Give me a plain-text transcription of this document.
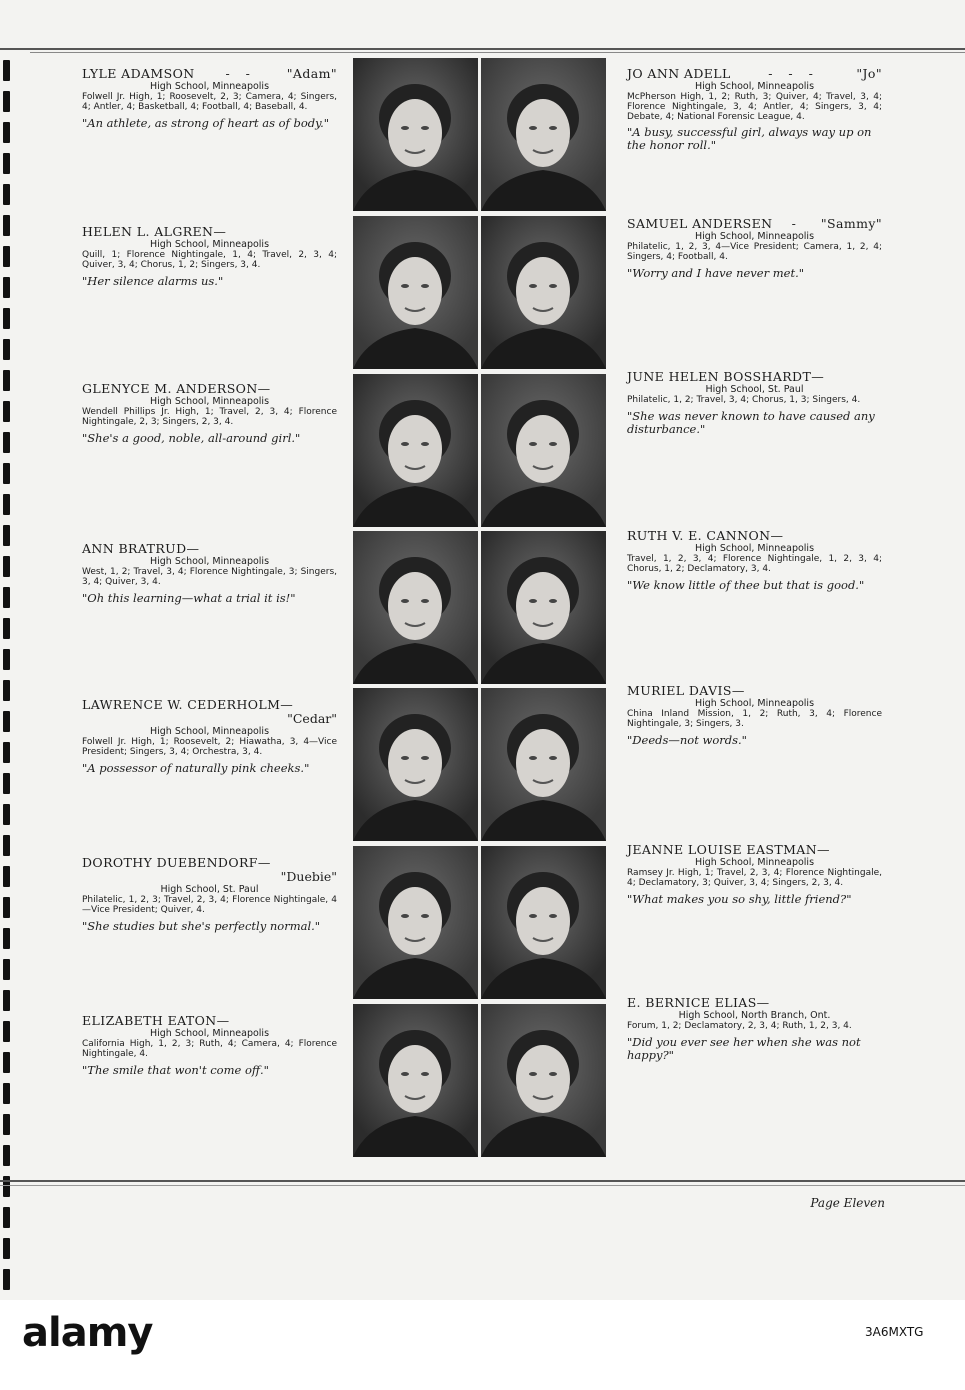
LYLE ADAMSON - - "Adam"
High School, Minneapolis
Folwell Jr. High, 1; Roosevelt, 2, 3; Camera, 4; Singers, 4; Antler, 4; Basketball, 4; Football, 4; Baseball, 4.
"An athlete, as strong of heart as of body."
HELEN L. ALGREN—
High School, Minneapolis
Quill, 1; Florence Nightingale, 1, 4; Travel, 2, 3, 4; Quiver, 3, 4; Chorus, 1, 2; Singers, 3, 4.
"Her silence alarms us."
GLENYCE M. ANDERSON—
High School, Minneapolis
Wendell Phillips Jr. High, 1; Travel, 2, 3, 4; Florence Nightingale, 2, 3; Singers, 2, 3, 4.
"She's a good, noble, all-around girl."
ANN BRATRUD—
High School, Minneapolis
West, 1, 2; Travel, 3, 4; Florence Nightingale, 3; Singers, 3, 4; Quiver, 3, 4.
"Oh this learning—what a trial it is!"
LAWRENCE W. CEDERHOLM—
"Cedar"
High School, Minneapolis
Folwell Jr. High, 1; Roosevelt, 2; Hiawatha, 3, 4—Vice President; Singers, 3, 4; Orchestra, 3, 4.
"A possessor of naturally pink cheeks."
DOROTHY DUEBENDORF—
"Duebie"
High School, St. Paul
Philatelic, 1, 2, 3; Travel, 2, 3, 4; Florence Nightingale, 4—Vice President; Quiver, 4.
"She studies but she's perfectly normal."
ELIZABETH EATON—
High School, Minneapolis
California High, 1, 2, 3; Ruth, 4; Camera, 4; Florence Nightingale, 4.
"The smile that won't come off."
JO ANN ADELL	- - -	"Jo"
High School, Minneapolis
McPherson High, 1, 2; Ruth, 3; Quiver, 4; Travel, 3, 4; Florence Nightingale, 3, 4; Antler, 4; Singers, 3, 4; Debate, 4; National Forensic League, 4.
"A busy, successful girl, always way up on the honor roll."
SAMUEL ANDERSEN - "Sammy"
High School, Minneapolis
Philatelic, 1, 2, 3, 4—Vice President; Camera, 1, 2, 4; Singers, 4; Football, 4.
"Worry and I have never met."
JUNE HELEN BOSSHARDT—
High School, St. Paul
Philatelic, 1, 2; Travel, 3, 4; Chorus, 1, 3; Singers, 4.
"She was never known to have caused any disturbance."
RUTH V. E. CANNON—
High School, Minneapolis
Travel, 1, 2, 3, 4; Florence Nightingale, 1, 2, 3, 4; Chorus, 1, 2; Declamatory, 3, 4.
"We know little of thee but that is good."
MURIEL DAVIS—
High School, Minneapolis
China Inland Mission, 1, 2; Ruth, 3, 4; Florence Nightingale, 3; Singers, 3.
"Deeds—not words."
JEANNE LOUISE EASTMAN—
High School, Minneapolis
Ramsey Jr. High, 1; Travel, 2, 3, 4; Florence Nightingale, 4; Declamatory, 3; Quiver, 3, 4; Singers, 2, 3, 4.
"What makes you so shy, little friend?"
E. BERNICE ELIAS—
High School, North Branch, Ont.
Forum, 1, 2; Declamatory, 2, 3, 4; Ruth, 1, 2, 3, 4.
"Did you ever see her when she was not happy?"
Page Eleven
alamy	3A6MXTG
